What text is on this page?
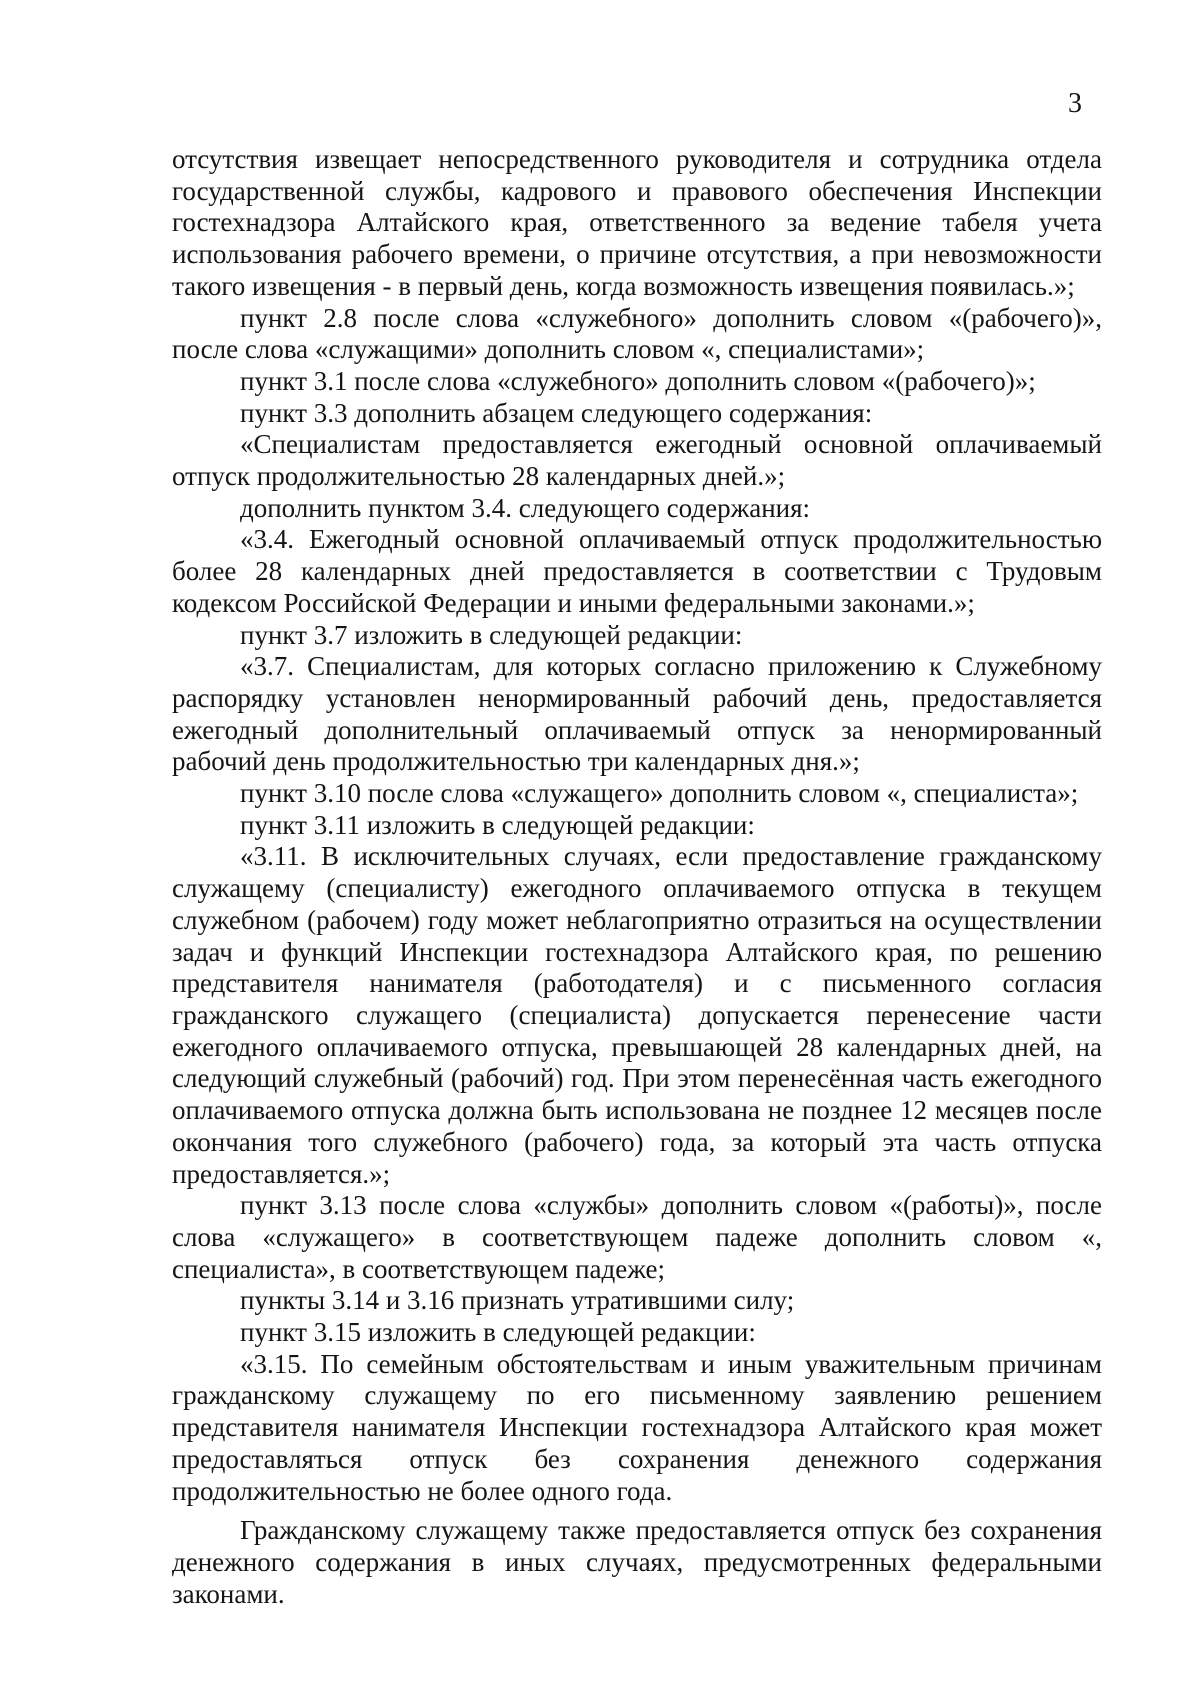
3

отсутствия извещает непосредственного руководителя и сотрудника отдела государственной службы, кадрового и правового обеспечения Инспекции гостехнадзора Алтайского края, ответственного за ведение табеля учета использования рабочего времени, о причине отсутствия, а при невозможности такого извещения - в первый день, когда возможность извещения появилась.»;

пункт 2.8 после слова «служебного» дополнить словом «(рабочего)», после слова «служащими» дополнить словом «, специалистами»;

пункт 3.1 после слова «служебного» дополнить словом «(рабочего)»;

пункт 3.3 дополнить абзацем следующего содержания:

«Специалистам предоставляется ежегодный основной оплачиваемый отпуск продолжительностью 28 календарных дней.»;

дополнить пунктом 3.4. следующего содержания:

«3.4. Ежегодный основной оплачиваемый отпуск продолжительностью более 28 календарных дней предоставляется в соответствии с Трудовым кодексом Российской Федерации и иными федеральными законами.»;

пункт 3.7 изложить в следующей редакции:

«3.7. Специалистам, для которых согласно приложению к Служебному распорядку установлен ненормированный рабочий день, предоставляется ежегодный дополнительный оплачиваемый отпуск за ненормированный рабочий день продолжительностью три календарных дня.»;

пункт 3.10 после слова «служащего» дополнить словом «, специалиста»;

пункт 3.11 изложить в следующей редакции:

«3.11. В исключительных случаях, если предоставление гражданскому служащему (специалисту) ежегодного оплачиваемого отпуска в текущем служебном (рабочем) году может неблагоприятно отразиться на осуществлении задач и функций Инспекции гостехнадзора Алтайского края, по решению представителя нанимателя (работодателя) и с письменного согласия гражданского служащего (специалиста) допускается перенесение части ежегодного оплачиваемого отпуска, превышающей 28 календарных дней, на следующий служебный (рабочий) год. При этом перенесённая часть ежегодного оплачиваемого отпуска должна быть использована не позднее 12 месяцев после окончания того служебного (рабочего) года, за который эта часть отпуска предоставляется.»;

пункт 3.13 после слова «службы» дополнить словом «(работы)», после слова «служащего» в соответствующем падеже дополнить словом «, специалиста», в соответствующем падеже;

пункты 3.14 и 3.16 признать утратившими силу;

пункт 3.15 изложить в следующей редакции:

«3.15. По семейным обстоятельствам и иным уважительным причинам гражданскому служащему по его письменному заявлению решением представителя нанимателя Инспекции гостехнадзора Алтайского края может предоставляться отпуск без сохранения денежного содержания продолжительностью не более одного года.

Гражданскому служащему также предоставляется отпуск без сохранения денежного содержания в иных случаях, предусмотренных федеральными законами.
